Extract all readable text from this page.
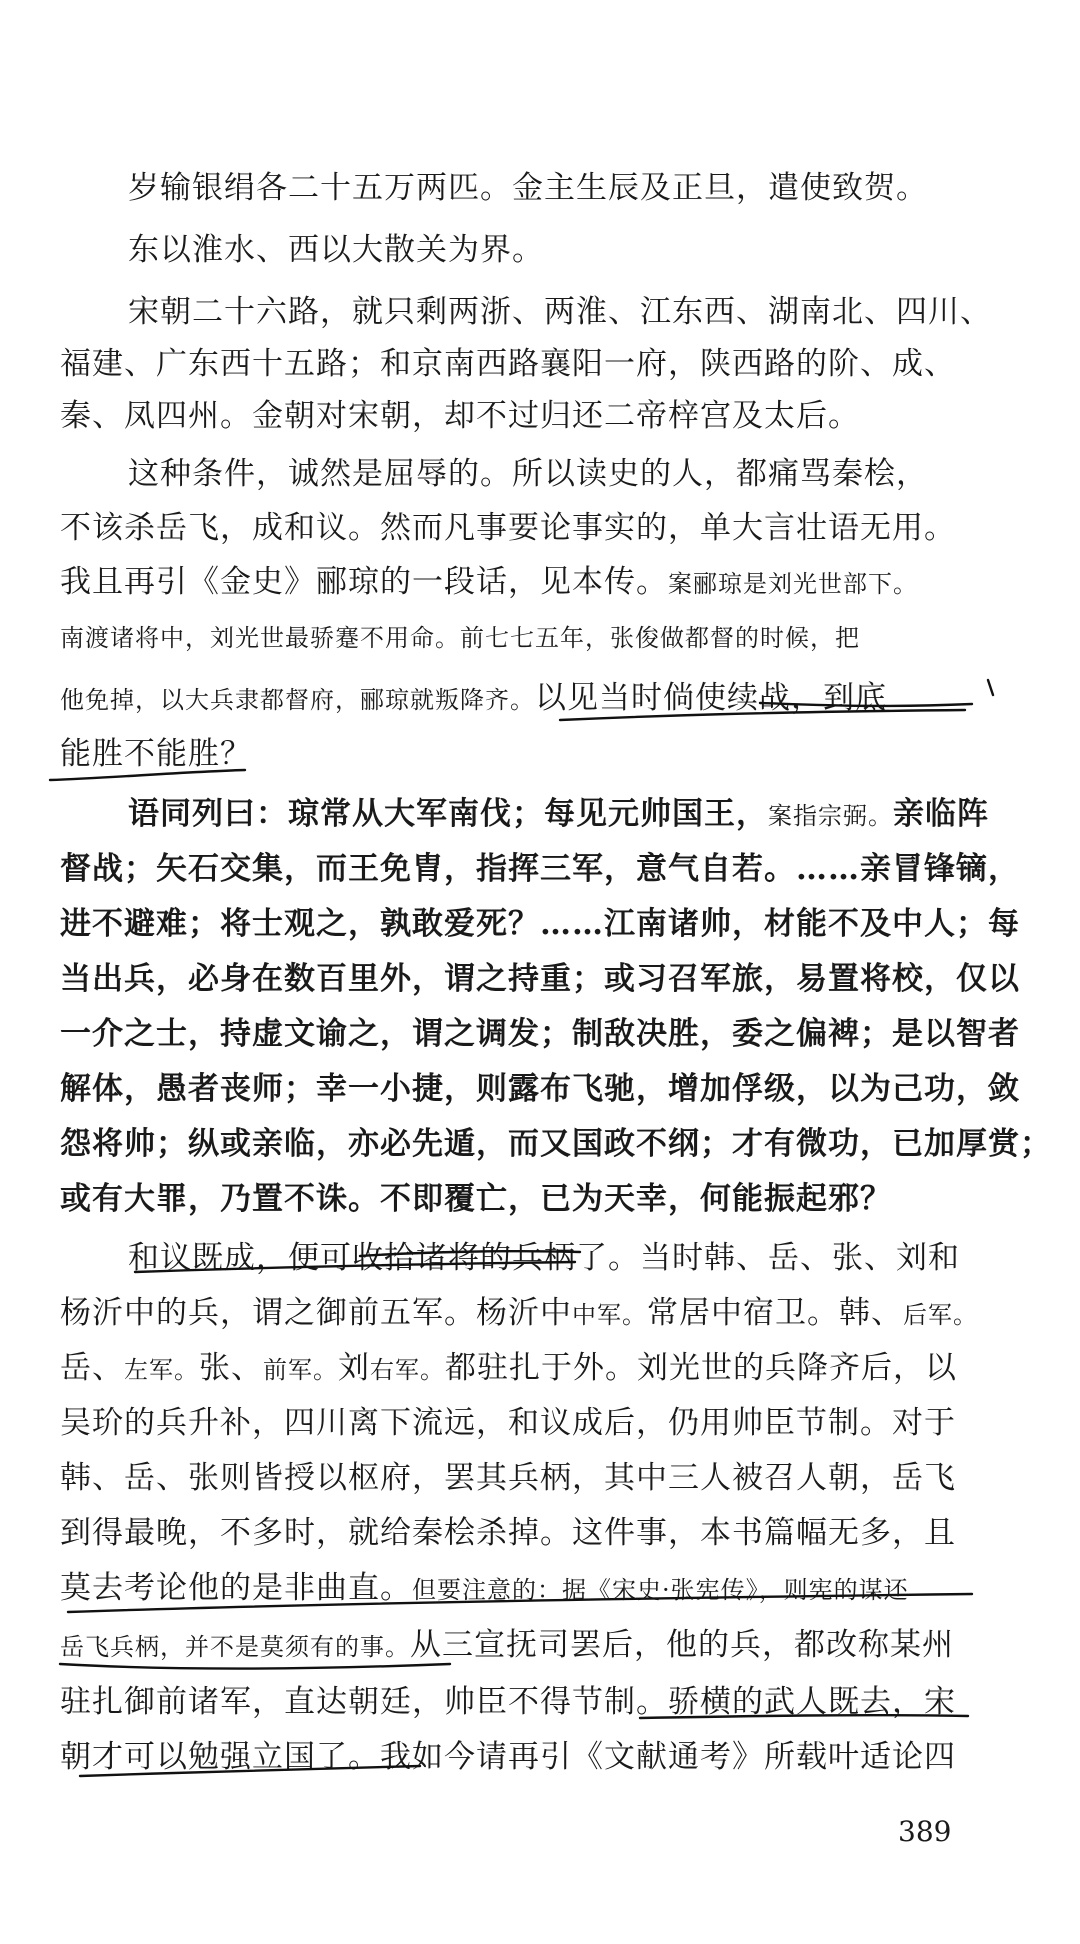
岁输银绢各二十五万两匹。金主生辰及正旦，遣使致贺。
东以淮水、西以大散关为界。
宋朝二十六路，就只剩两浙、两淮、江东西、湖南北、四川、
福建、广东西十五路；和京南西路襄阳一府，陕西路的阶、成、
秦、凤四州。金朝对宋朝，却不过归还二帝梓宫及太后。
这种条件，诚然是屈辱的。所以读史的人，都痛骂秦桧，
不该杀岳飞，成和议。然而凡事要论事实的，单大言壮语无用。
我且再引《金史》郦琼的一段话，见本传。案郦琼是刘光世部下。
南渡诸将中，刘光世最骄蹇不用命。前七七五年，张俊做都督的时候，把
他免掉，以大兵隶都督府，郦琼就叛降齐。以见当时倘使续战，到底
能胜不能胜？
语同列曰：琼常从大军南伐；每见元帅国王，案指宗弼。亲临阵
督战；矢石交集，而王免胄，指挥三军，意气自若。……亲冒锋镝，
进不避难；将士观之，孰敢爱死？……江南诸帅，材能不及中人；每
当出兵，必身在数百里外，谓之持重；或习召军旅，易置将校，仅以
一介之士，持虚文谕之，谓之调发；制敌决胜，委之偏裨；是以智者
解体，愚者丧师；幸一小捷，则露布飞驰，增加俘级，以为己功，敛
怨将帅；纵或亲临，亦必先遁，而又国政不纲；才有微功，已加厚赏；
或有大罪，乃置不诛。不即覆亡，已为天幸，何能振起邪？
和议既成，便可收拾诸将的兵柄了。当时韩、岳、张、刘和
杨沂中的兵，谓之御前五军。杨沂中中军。常居中宿卫。韩、后军。
岳、左军。张、前军。刘右军。都驻扎于外。刘光世的兵降齐后，以
吴玠的兵升补，四川离下流远，和议成后，仍用帅臣节制。对于
韩、岳、张则皆授以枢府，罢其兵柄，其中三人被召人朝，岳飞
到得最晚，不多时，就给秦桧杀掉。这件事，本书篇幅无多，且
莫去考论他的是非曲直。但要注意的：据《宋史·张宪传》，则宪的谋还
岳飞兵柄，并不是莫须有的事。从三宣抚司罢后，他的兵，都改称某州
驻扎御前诸军，直达朝廷，帅臣不得节制。骄横的武人既去，宋
朝才可以勉强立国了。我如今请再引《文献通考》所载叶适论四
389
